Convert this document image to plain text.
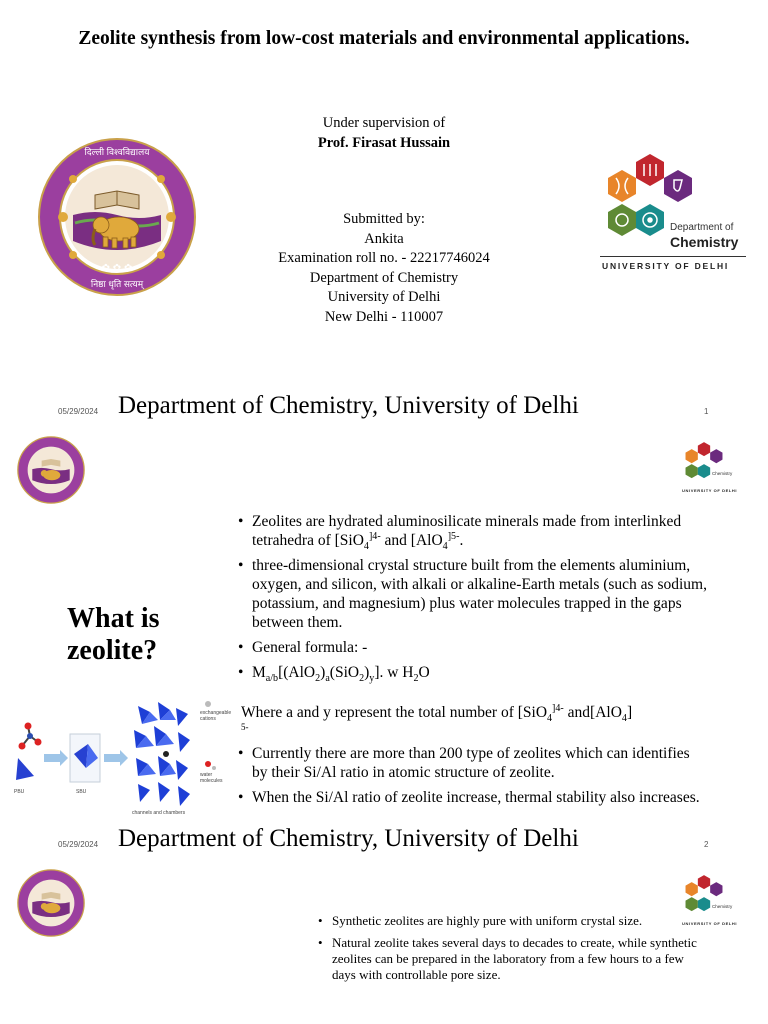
Zeolite synthesis from low-cost materials and environmental applications.
Under supervision of
Prof. Firasat Hussain
Submitted by:
Ankita
Examination roll no. - 22217746024
Department of Chemistry
University of Delhi
New Delhi - 110007
✿ ✿ ✿
दिल्ली विश्वविद्यालय
निष्ठा धृति सत्यम्
Department of
Chemistry
UNIVERSITY OF DELHI
05/29/2024 Department of Chemistry, University of Delhi	1
Chemistry
UNIVERSITY OF DELHI
What is
zeolite?
• Zeolites are hydrated aluminosilicate minerals made from interlinked tetrahedra of [SiO$_4^{]4-}$ and [AlO$_4^{]5-}$.
• three-dimensional crystal structure built from the elements aluminium, oxygen, and silicon, with alkali or alkaline-Earth metals (such as sodium, potassium, and magnesium) plus water molecules trapped in the gaps between them.
• General formula: -
• $M_{a/b}[(AlO_2)_a(SiO_2)_y]$. w $H_2O$
Where a and y represent the total number of [SiO$_4^{]4-}$ and[AlO$_4$]
5-
• Currently there are more than 200 type of zeolites which can identifies by their Si/Al ratio in atomic structure of zeolite.
• When the Si/Al ratio of zeolite increase, thermal stability also increases.
PBU	SBU
exchangeable cations
water molecules
channels and chambers
05/29/2024 Department of Chemistry, University of Delhi	2
Chemistry
UNIVERSITY OF DELHI
• Synthetic zeolites are highly pure with uniform crystal size.
• Natural zeolite takes several days to decades to create, while synthetic zeolites can be prepared in the laboratory from a few hours to a few days with controllable pore size.
